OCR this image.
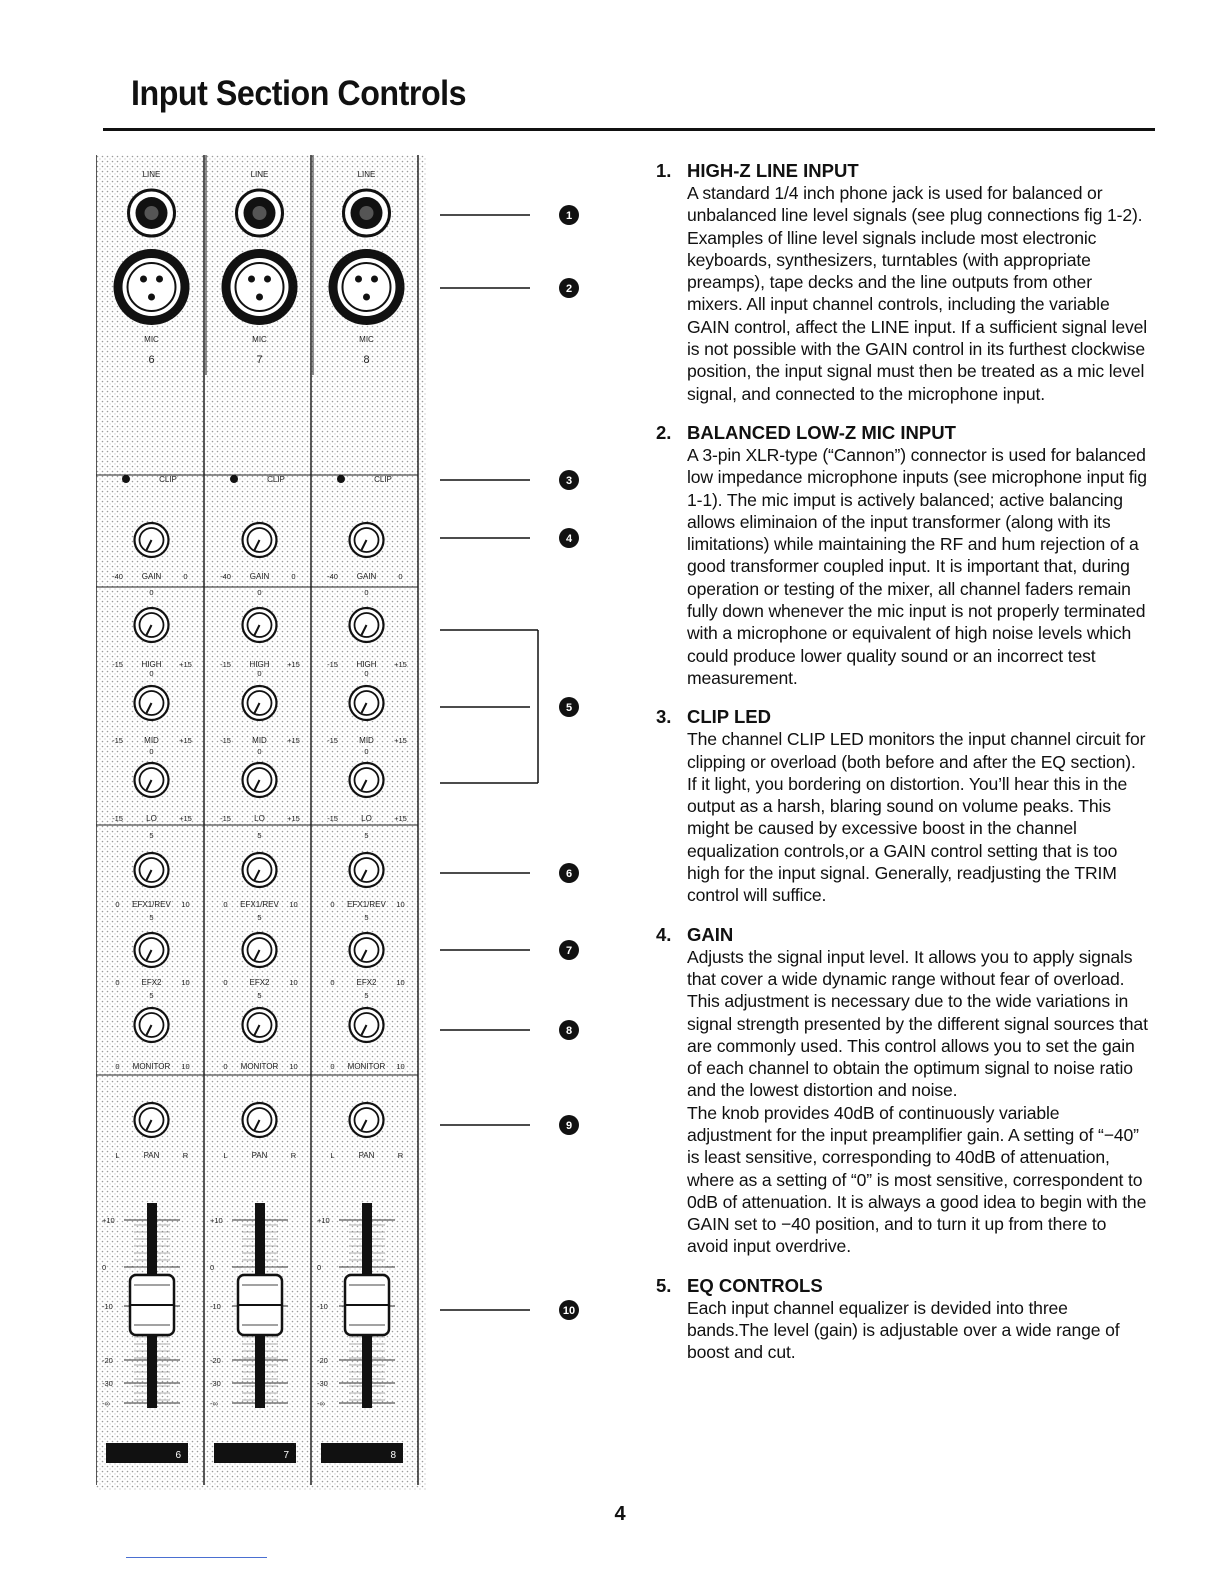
Input Section Controls
LINE
MIC
6
CLIP
-40 GAIN	0
0
-15 HIGH +15
0
-15	MID	+15
0
-15	LO	+15
5
0 EFX1/REV 10
5
0	EFX2	10
5
0 MONITOR 10
L	PAN	R
+10
0
-10
-20
-30
-∞
6
LINE
MIC
7
CLIP
-40 GAIN	0
0
-15 HIGH +15
0
-15	MID	+15
0
-15	LO	+15
5
0 EFX1/REV 10
5
0	EFX2	10
5
0 MONITOR 10
L	PAN	R
+10
0
-10
-20
-30
-∞
7
LINE
MIC
8
CLIP
-40 GAIN	0
0
-15 HIGH +15
0
-15	MID	+15
0
-15	LO	+15
5
0 EFX1/REV 10
5
0	EFX2	10
5
0 MONITOR 10
L	PAN	R
+10
0
-10
-20
-30
-∞
8
1
2
3
4
5
6
7
8
9
10
1. HIGH-Z LINE INPUT

A standard 1/4 inch phone jack is used for balanced or unbalanced line level signals (see plug connections fig 1-2). Examples of lline level signals include most electronic keyboards, synthesizers, turntables (with appropriate preamps), tape decks and the line outputs from other mixers. All input channel controls, including the variable GAIN control, affect the LINE input. If a sufficient signal level is not possible with the GAIN control in its furthest clockwise position, the input signal must then be treated as a mic level signal, and connected to the microphone input.

2. BALANCED LOW-Z MIC INPUT

A 3-pin XLR-type (“Cannon”) connector is used for balanced low impedance microphone inputs (see microphone input fig 1-1). The mic imput is actively balanced; active balancing allows eliminaion of the input transformer (along with its limitations) while maintaining the RF and hum rejection of a good transformer coupled input. It is important that, during operation or testing of the mixer, all channel faders remain fully down whenever the mic input is not properly terminated with a microphone or equivalent of high noise levels which could produce lower quality sound or an incorrect test measurement.

3. CLIP LED

The channel CLIP LED monitors the input channel circuit for clipping or overload (both before and after the EQ section). If it light, you bordering on distortion. You’ll hear this in the output as a harsh, blaring sound on volume peaks. This might be caused by excessive boost in the channel equalization controls,or a GAIN control setting that is too high for the input signal. Generally, readjusting the TRIM control will suffice.

4. GAIN

Adjusts the signal input level. It allows you to apply signals that cover a wide dynamic range without fear of overload. This adjustment is necessary due to the wide variations in signal strength presented by the different signal sources that are commonly used. This control allows you to set the gain of each channel to obtain the optimum signal to noise ratio and the lowest distortion and noise.

The knob provides 40dB of continuously variable adjustment for the input preamplifier gain. A setting of “−40” is least sensitive, corresponding to 40dB of attenuation, where as a setting of “0” is most sensitive, correspondent to 0dB of attenuation. It is always a good idea to begin with the GAIN set to −40 position, and to turn it up from there to avoid input overdrive.

5. EQ CONTROLS

Each input channel equalizer is devided into three bands.The level (gain) is adjustable over a wide range of boost and cut.

4
